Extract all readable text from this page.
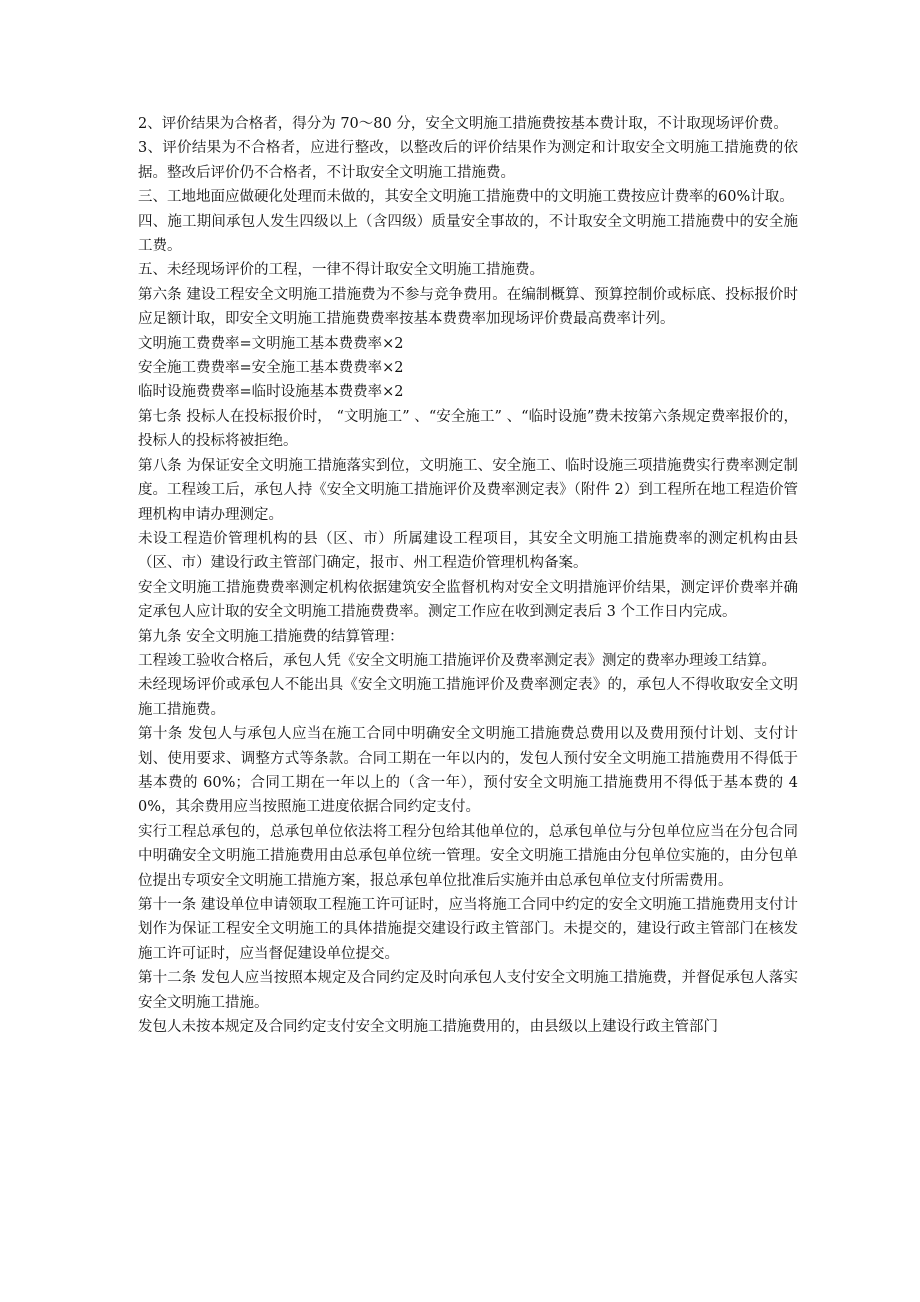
2、评价结果为合格者，得分为 70～80 分，安全文明施工措施费按基本费计取，不计取现场评价费。

3、评价结果为不合格者，应进行整改，以整改后的评价结果作为测定和计取安全文明施工措施费的依据。整改后评价仍不合格者，不计取安全文明施工措施费。

三、工地地面应做硬化处理而未做的，其安全文明施工措施费中的文明施工费按应计费率的60%计取。

四、施工期间承包人发生四级以上（含四级）质量安全事故的，不计取安全文明施工措施费中的安全施工费。

五、未经现场评价的工程，一律不得计取安全文明施工措施费。

第六条 建设工程安全文明施工措施费为不参与竞争费用。在编制概算、预算控制价或标底、投标报价时应足额计取，即安全文明施工措施费费率按基本费费率加现场评价费最高费率计列。

文明施工费费率=文明施工基本费费率×2

安全施工费费率=安全施工基本费费率×2

临时设施费费率=临时设施基本费费率×2

第七条 投标人在投标报价时， “文明施工” 、“安全施工” 、“临时设施”费未按第六条规定费率报价的，投标人的投标将被拒绝。

第八条 为保证安全文明施工措施落实到位，文明施工、安全施工、临时设施三项措施费实行费率测定制度。工程竣工后，承包人持《安全文明施工措施评价及费率测定表》（附件 2）到工程所在地工程造价管理机构申请办理测定。

未设工程造价管理机构的县（区、市）所属建设工程项目，其安全文明施工措施费率的测定机构由县（区、市）建设行政主管部门确定，报市、州工程造价管理机构备案。

安全文明施工措施费费率测定机构依据建筑安全监督机构对安全文明措施评价结果，测定评价费率并确定承包人应计取的安全文明施工措施费费率。测定工作应在收到测定表后 3 个工作日内完成。

第九条 安全文明施工措施费的结算管理：

工程竣工验收合格后，承包人凭《安全文明施工措施评价及费率测定表》测定的费率办理竣工结算。

未经现场评价或承包人不能出具《安全文明施工措施评价及费率测定表》的，承包人不得收取安全文明施工措施费。

第十条 发包人与承包人应当在施工合同中明确安全文明施工措施费总费用以及费用预付计划、支付计划、使用要求、调整方式等条款。合同工期在一年以内的，发包人预付安全文明施工措施费用不得低于基本费的 60%；合同工期在一年以上的（含一年），预付安全文明施工措施费用不得低于基本费的 40%，其余费用应当按照施工进度依据合同约定支付。

实行工程总承包的，总承包单位依法将工程分包给其他单位的，总承包单位与分包单位应当在分包合同中明确安全文明施工措施费用由总承包单位统一管理。安全文明施工措施由分包单位实施的，由分包单位提出专项安全文明施工措施方案，报总承包单位批准后实施并由总承包单位支付所需费用。

第十一条 建设单位申请领取工程施工许可证时，应当将施工合同中约定的安全文明施工措施费用支付计划作为保证工程安全文明施工的具体措施提交建设行政主管部门。未提交的，建设行政主管部门在核发施工许可证时，应当督促建设单位提交。

第十二条 发包人应当按照本规定及合同约定及时向承包人支付安全文明施工措施费，并督促承包人落实安全文明施工措施。

发包人未按本规定及合同约定支付安全文明施工措施费用的，由县级以上建设行政主管部门
